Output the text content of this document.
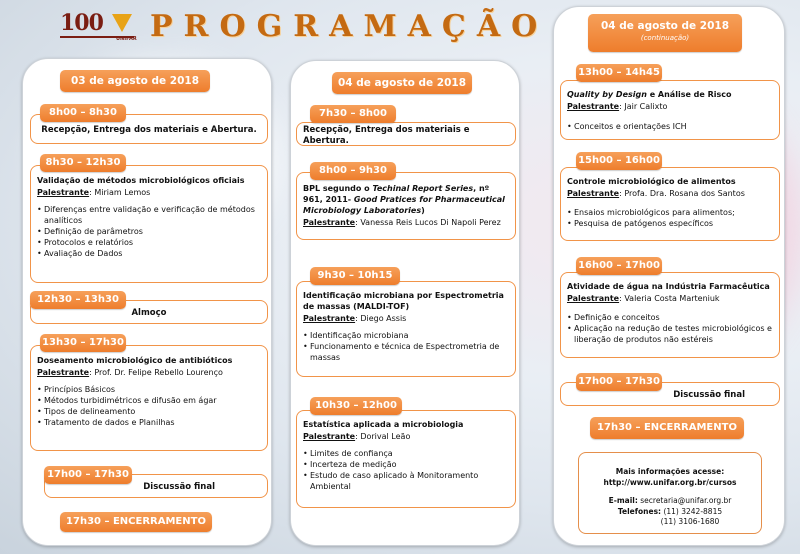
100
UNIFAR PROGRAMAÇÃO
03 de agosto de 2018
Recepção, Entrega dos materiais e Abertura.
8h00 – 8h30
Validação de métodos microbiológicos oficiais
Palestrante: Miriam Lemos
• Diferenças entre validação e verificação de métodos analíticos
• Definição de parâmetros
• Protocolos e relatórios
• Avaliação de Dados
8h30 – 12h30
Almoço
12h30 – 13h30
Doseamento microbiológico de antibióticos
Palestrante: Prof. Dr. Felipe Rebello Lourenço
• Princípios Básicos
• Métodos turbidimétricos e difusão em ágar
• Tipos de delineamento
• Tratamento de dados e Planilhas
13h30 – 17h30
Discussão final
17h00 – 17h30
17h30 – ENCERRAMENTO
04 de agosto de 2018
Recepção, Entrega dos materiais e Abertura.
7h30 – 8h00
BPL segundo o Techinal Report Series, nº 961, 2011- Good Pratices for Pharmaceutical Microbiology Laboratories)
Palestrante: Vanessa Reis Lucos Di Napoli Perez
8h00 – 9h30
Identificação microbiana por Espectrometria de massas (MALDI-TOF)
Palestrante: Diego Assis
• Identificação microbiana
• Funcionamento e técnica de Espectrometria de massas
9h30 – 10h15
Estatística aplicada a microbiologia
Palestrante: Dorival Leão
• Limites de confiança
• Incerteza de medição
• Estudo de caso aplicado à Monitoramento Ambiental
10h30 – 12h00
04 de agosto de 2018
(continuação)
Quality by Design e Análise de Risco
Palestrante: Jair Calixto
• Conceitos e orientações ICH
13h00 – 14h45
Controle microbiológico de alimentos
Palestrante: Profa. Dra. Rosana dos Santos
• Ensaios microbiológicos para alimentos;
• Pesquisa de patógenos específicos
15h00 – 16h00
Atividade de água na Indústria Farmacêutica
Palestrante: Valeria Costa Marteniuk
• Definição e conceitos
• Aplicação na redução de testes microbiológicos e liberação de produtos não estéreis
16h00 – 17h00
Discussão final
17h00 – 17h30
17h30 – ENCERRAMENTO
Mais informações acesse:
http://www.unifar.org.br/cursos
E-mail: secretaria@unifar.org.br
Telefones: (11) 3242-8815
(11) 3106-1680
